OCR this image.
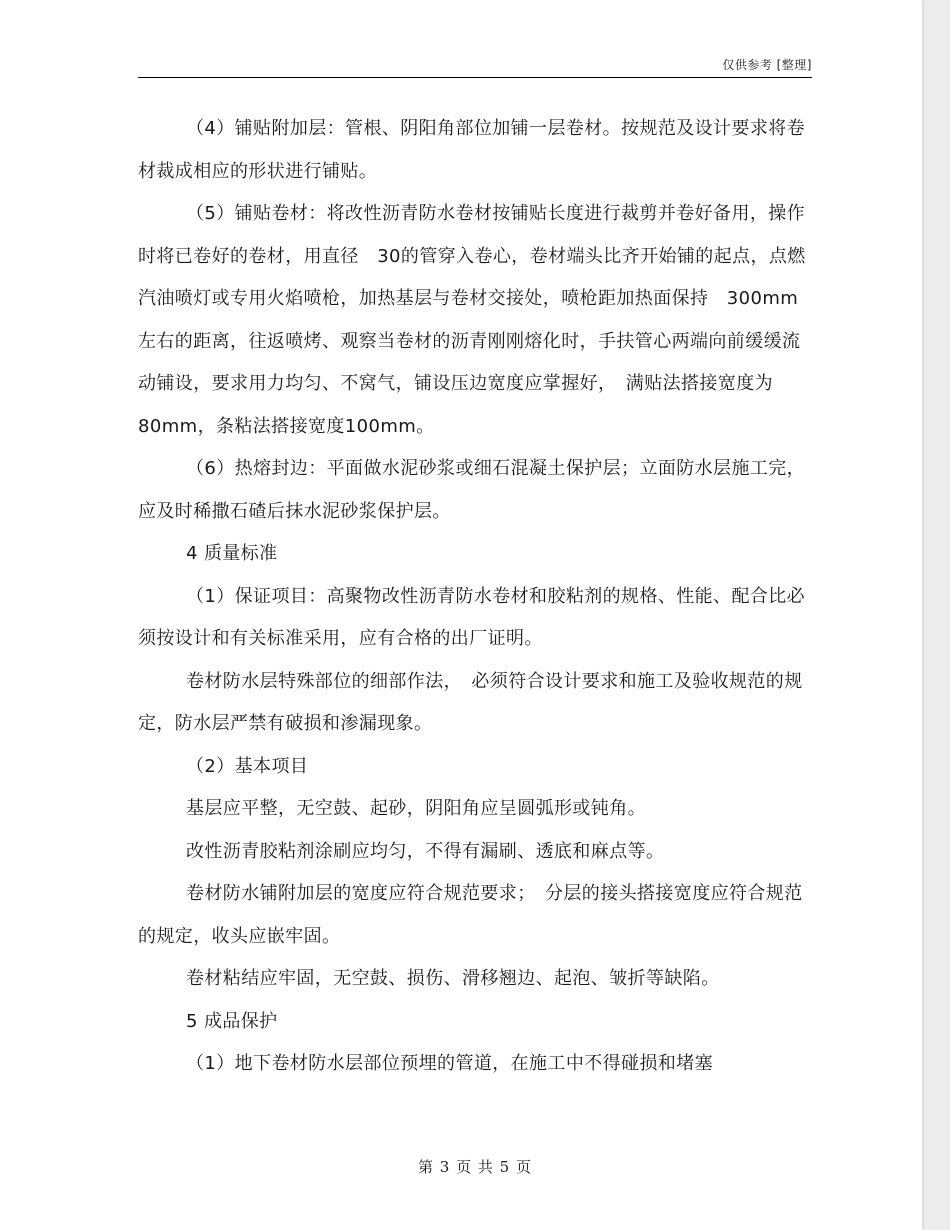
仅供参考 [整理]

（4）铺贴附加层：管根、阴阳角部位加铺一层卷材。按规范及设计要求将卷材裁成相应的形状进行铺贴。

（5）铺贴卷材：将改性沥青防水卷材按铺贴长度进行裁剪并卷好备用，操作时将已卷好的卷材，用直径　30的管穿入卷心，卷材端头比齐开始铺的起点，点燃汽油喷灯或专用火焰喷枪，加热基层与卷材交接处，喷枪距加热面保持　300mm左右的距离，往返喷烤、观察当卷材的沥青刚刚熔化时，手扶管心两端向前缓缓流动铺设，要求用力均匀、不窝气，铺设压边宽度应掌握好，　满贴法搭接宽度为　80mm，条粘法搭接宽度100mm。

（6）热熔封边：平面做水泥砂浆或细石混凝土保护层；立面防水层施工完，应及时稀撒石碴后抹水泥砂浆保护层。

4 质量标准

（1）保证项目：高聚物改性沥青防水卷材和胶粘剂的规格、性能、配合比必须按设计和有关标准采用，应有合格的出厂证明。

卷材防水层特殊部位的细部作法，　必须符合设计要求和施工及验收规范的规定，防水层严禁有破损和渗漏现象。

（2）基本项目

基层应平整，无空鼓、起砂，阴阳角应呈圆弧形或钝角。

改性沥青胶粘剂涂刷应均匀，不得有漏刷、透底和麻点等。

卷材防水铺附加层的宽度应符合规范要求；　分层的接头搭接宽度应符合规范的规定，收头应嵌牢固。

卷材粘结应牢固，无空鼓、损伤、滑移翘边、起泡、皱折等缺陷。

5 成品保护

（1）地下卷材防水层部位预埋的管道，在施工中不得碰损和堵塞

第 3 页 共 5 页
